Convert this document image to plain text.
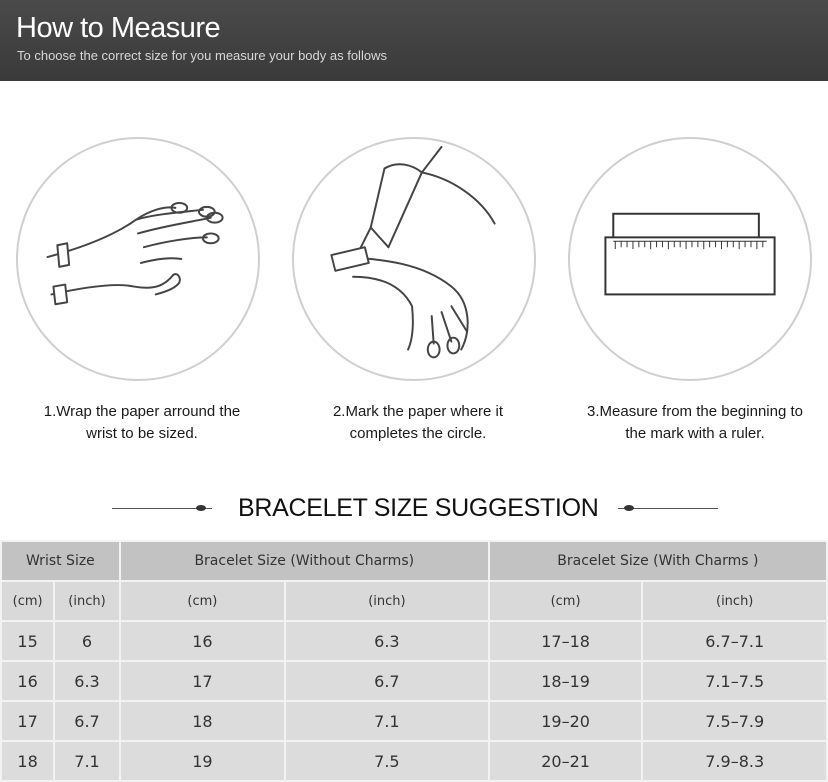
How to Measure
To choose the correct size for you measure your body as follows
1.Wrap the paper arround the
wrist to be sized.
2.Mark the paper where it
completes the circle.
3.Measure from the beginning to
the mark with a ruler.
BRACELET SIZE SUGGESTION
Wrist Size		Bracelet Size (Without Charms)		Bracelet Size (With Charms )	
(cm)	(inch)	(cm)	(inch)	(cm)	(inch)
15	6	16	6.3	17–18	6.7–7.1
16	6.3	17	6.7	18–19	7.1–7.5
17	6.7	18	7.1	19–20	7.5–7.9
18	7.1	19	7.5	20–21	7.9–8.3
